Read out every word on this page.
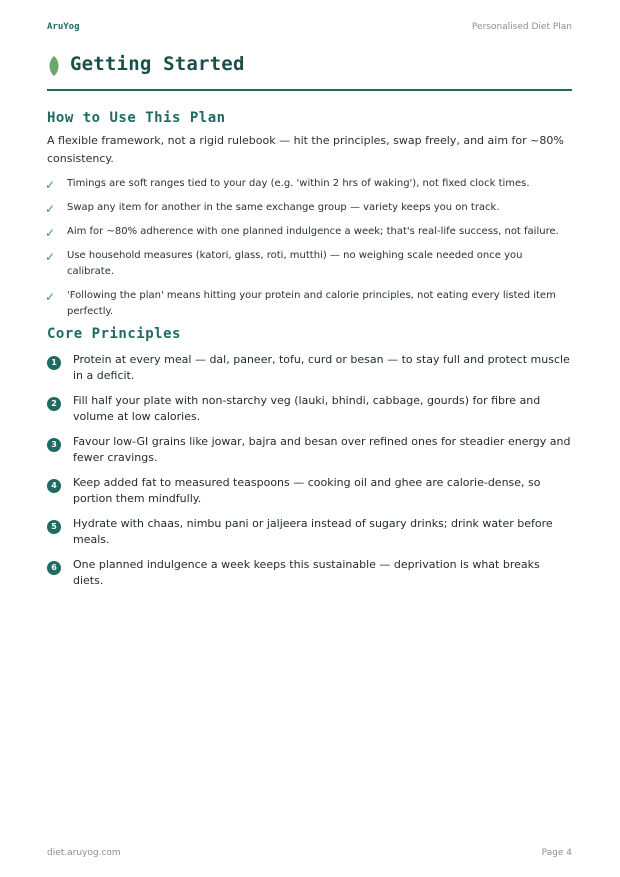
AruYog	Personalised Diet Plan
Getting Started
How to Use This Plan
A flexible framework, not a rigid rulebook — hit the principles, swap freely, and aim for ~80% consistency.
✓ Timings are soft ranges tied to your day (e.g. 'within 2 hrs of waking'), not fixed clock times.
✓ Swap any item for another in the same exchange group — variety keeps you on track.
✓ Aim for ~80% adherence with one planned indulgence a week; that's real-life success, not failure.
✓ Use household measures (katori, glass, roti, mutthi) — no weighing scale needed once you calibrate.
✓ 'Following the plan' means hitting your protein and calorie principles, not eating every listed item perfectly.
Core Principles
1	Protein at every meal — dal, paneer, tofu, curd or besan — to stay full and protect muscle in a deficit.
2	Fill half your plate with non-starchy veg (lauki, bhindi, cabbage, gourds) for fibre and volume at low calories.
3	Favour low-GI grains like jowar, bajra and besan over refined ones for steadier energy and fewer cravings.
4	Keep added fat to measured teaspoons — cooking oil and ghee are calorie-dense, so portion them mindfully.
5	Hydrate with chaas, nimbu pani or jaljeera instead of sugary drinks; drink water before meals.
6	One planned indulgence a week keeps this sustainable — deprivation is what breaks diets.
diet.aruyog.com	Page 4
